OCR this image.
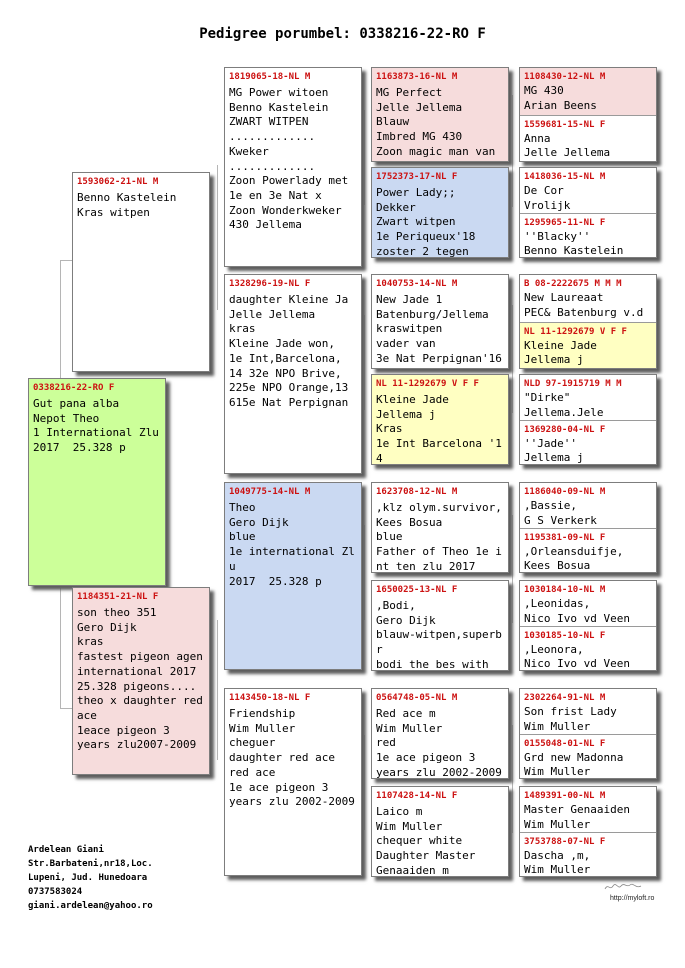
Pedigree porumbel: 0338216-22-RO F
0338216-22-RO F
Gut pana alba
Nepot Theo
1 International Zlu
2017  25.328 p
1593062-21-NL M
Benno Kastelein
Kras witpen
1184351-21-NL F
son theo 351
Gero Dijk
kras
fastest pigeon agen
international 2017
25.328 pigeons....
theo x daughter red
ace
1eace pigeon 3
years zlu2007-2009
1819065-18-NL M
MG Power witoen
Benno Kastelein
ZWART WITPEN
.............
Kweker
.............
Zoon Powerlady met
1e en 3e Nat x
Zoon Wonderkweker
430 Jellema
1328296-19-NL F
daughter Kleine Ja
Jelle Jellema
kras
Kleine Jade won,
1e Int,Barcelona,
14 32e NPO Brive,
225e NPO Orange,13
615e Nat Perpignan
1049775-14-NL M
Theo
Gero Dijk
blue
1e international Zl
u
2017  25.328 p
1143450-18-NL F
Friendship
Wim Muller
cheguer
daughter red ace
red ace
1e ace pigeon 3
years zlu 2002-2009
1163873-16-NL M
MG Perfect
Jelle Jellema
Blauw
Imbred MG 430
Zoon magic man van
1752373-17-NL F
Power Lady;;
Dekker
Zwart witpen
1e Periqueux'18
zoster 2 tegen
1040753-14-NL M
New Jade 1
Batenburg/Jellema
kraswitpen
vader van
3e Nat Perpignan'16
NL 11-1292679 V F F
Kleine Jade
Jellema j
Kras
1e Int Barcelona '1
4
1623708-12-NL M
,klz olym.survivor,
Kees Bosua
blue
Father of Theo 1e i
nt ten zlu 2017
1650025-13-NL F
,Bodi,
Gero Dijk
blauw-witpen,superb
r
bodi the bes with
0564748-05-NL M
Red ace m
Wim Muller
red
1e ace pigeon 3
years zlu 2002-2009
1107428-14-NL F
Laico m
Wim Muller
chequer white
Daughter Master
Genaaiden m
1108430-12-NL M
MG 430
Arian Beens
1559681-15-NL F
Anna
Jelle Jellema
1418036-15-NL M
De Cor
Vrolijk
1295965-11-NL F
''Blacky''
Benno Kastelein
B 08-2222675 M M M
New Laureaat
PEC& Batenburg v.d
NL 11-1292679 V F F
Kleine Jade
Jellema j
NLD 97-1915719 M M
"Dirke"
Jellema.Jele
1369280-04-NL F
''Jade''
Jellema j
1186040-09-NL M
,Bassie,
G S Verkerk
1195381-09-NL F
,Orleansduifje,
Kees Bosua
1030184-10-NL M
,Leonidas,
Nico Ivo vd Veen
1030185-10-NL F
,Leonora,
Nico Ivo vd Veen
2302264-91-NL M
Son frist Lady
Wim Muller
0155048-01-NL F
Grd new Madonna
Wim Muller
1489391-00-NL M
Master Genaaiden
Wim Muller
3753788-07-NL F
Dascha ,m,
Wim Muller
Ardelean Giani
Str.Barbateni,nr18,Loc.
Lupeni, Jud. Hunedoara
0737583024
giani.ardelean@yahoo.ro
http://myloft.ro
